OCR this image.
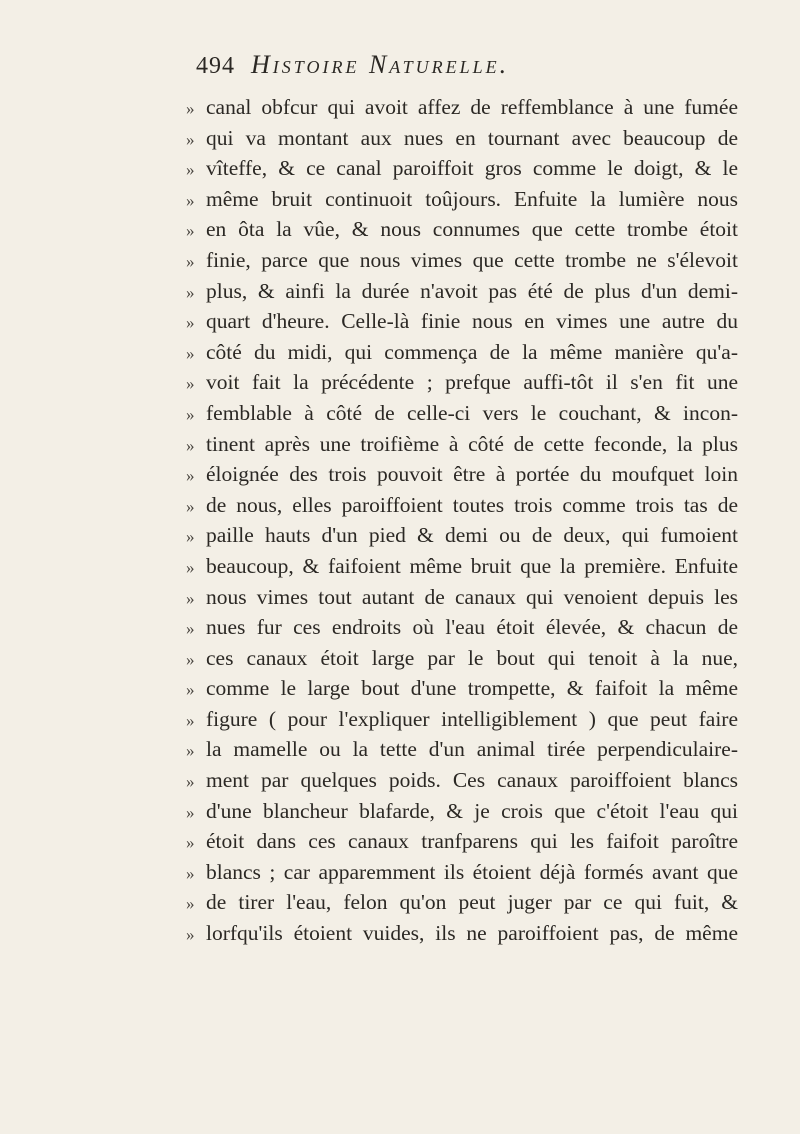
494 Histoire Naturelle.
» canal obfcur qui avoit affez de reffemblance à une fumée
» qui va montant aux nues en tournant avec beaucoup de
» vîteffe, & ce canal paroiffoit gros comme le doigt, & le
» même bruit continuoit toûjours. Enfuite la lumière nous
» en ôta la vûe, & nous connumes que cette trombe étoit
» finie, parce que nous vimes que cette trombe ne s'élevoit
» plus, & ainfi la durée n'avoit pas été de plus d'un demi-
» quart d'heure. Celle-là finie nous en vimes une autre du
» côté du midi, qui commença de la même manière qu'a-
» voit fait la précédente ; prefque auffi-tôt il s'en fit une
» femblable à côté de celle-ci vers le couchant, & incon-
» tinent après une troifième à côté de cette feconde, la plus
» éloignée des trois pouvoit être à portée du moufquet loin
» de nous, elles paroiffoient toutes trois comme trois tas de
» paille hauts d'un pied & demi ou de deux, qui fumoient
» beaucoup, & faifoient même bruit que la première. Enfuite
» nous vimes tout autant de canaux qui venoient depuis les
» nues fur ces endroits où l'eau étoit élevée, & chacun de
» ces canaux étoit large par le bout qui tenoit à la nue,
» comme le large bout d'une trompette, & faifoit la même
» figure ( pour l'expliquer intelligiblement ) que peut faire
» la mamelle ou la tette d'un animal tirée perpendiculaire-
» ment par quelques poids. Ces canaux paroiffoient blancs
» d'une blancheur blafarde, & je crois que c'étoit l'eau qui
» étoit dans ces canaux tranfparens qui les faifoit paroître
» blancs ; car apparemment ils étoient déjà formés avant que
» de tirer l'eau, felon qu'on peut juger par ce qui fuit, &
» lorfqu'ils étoient vuides, ils ne paroiffoient pas, de même
